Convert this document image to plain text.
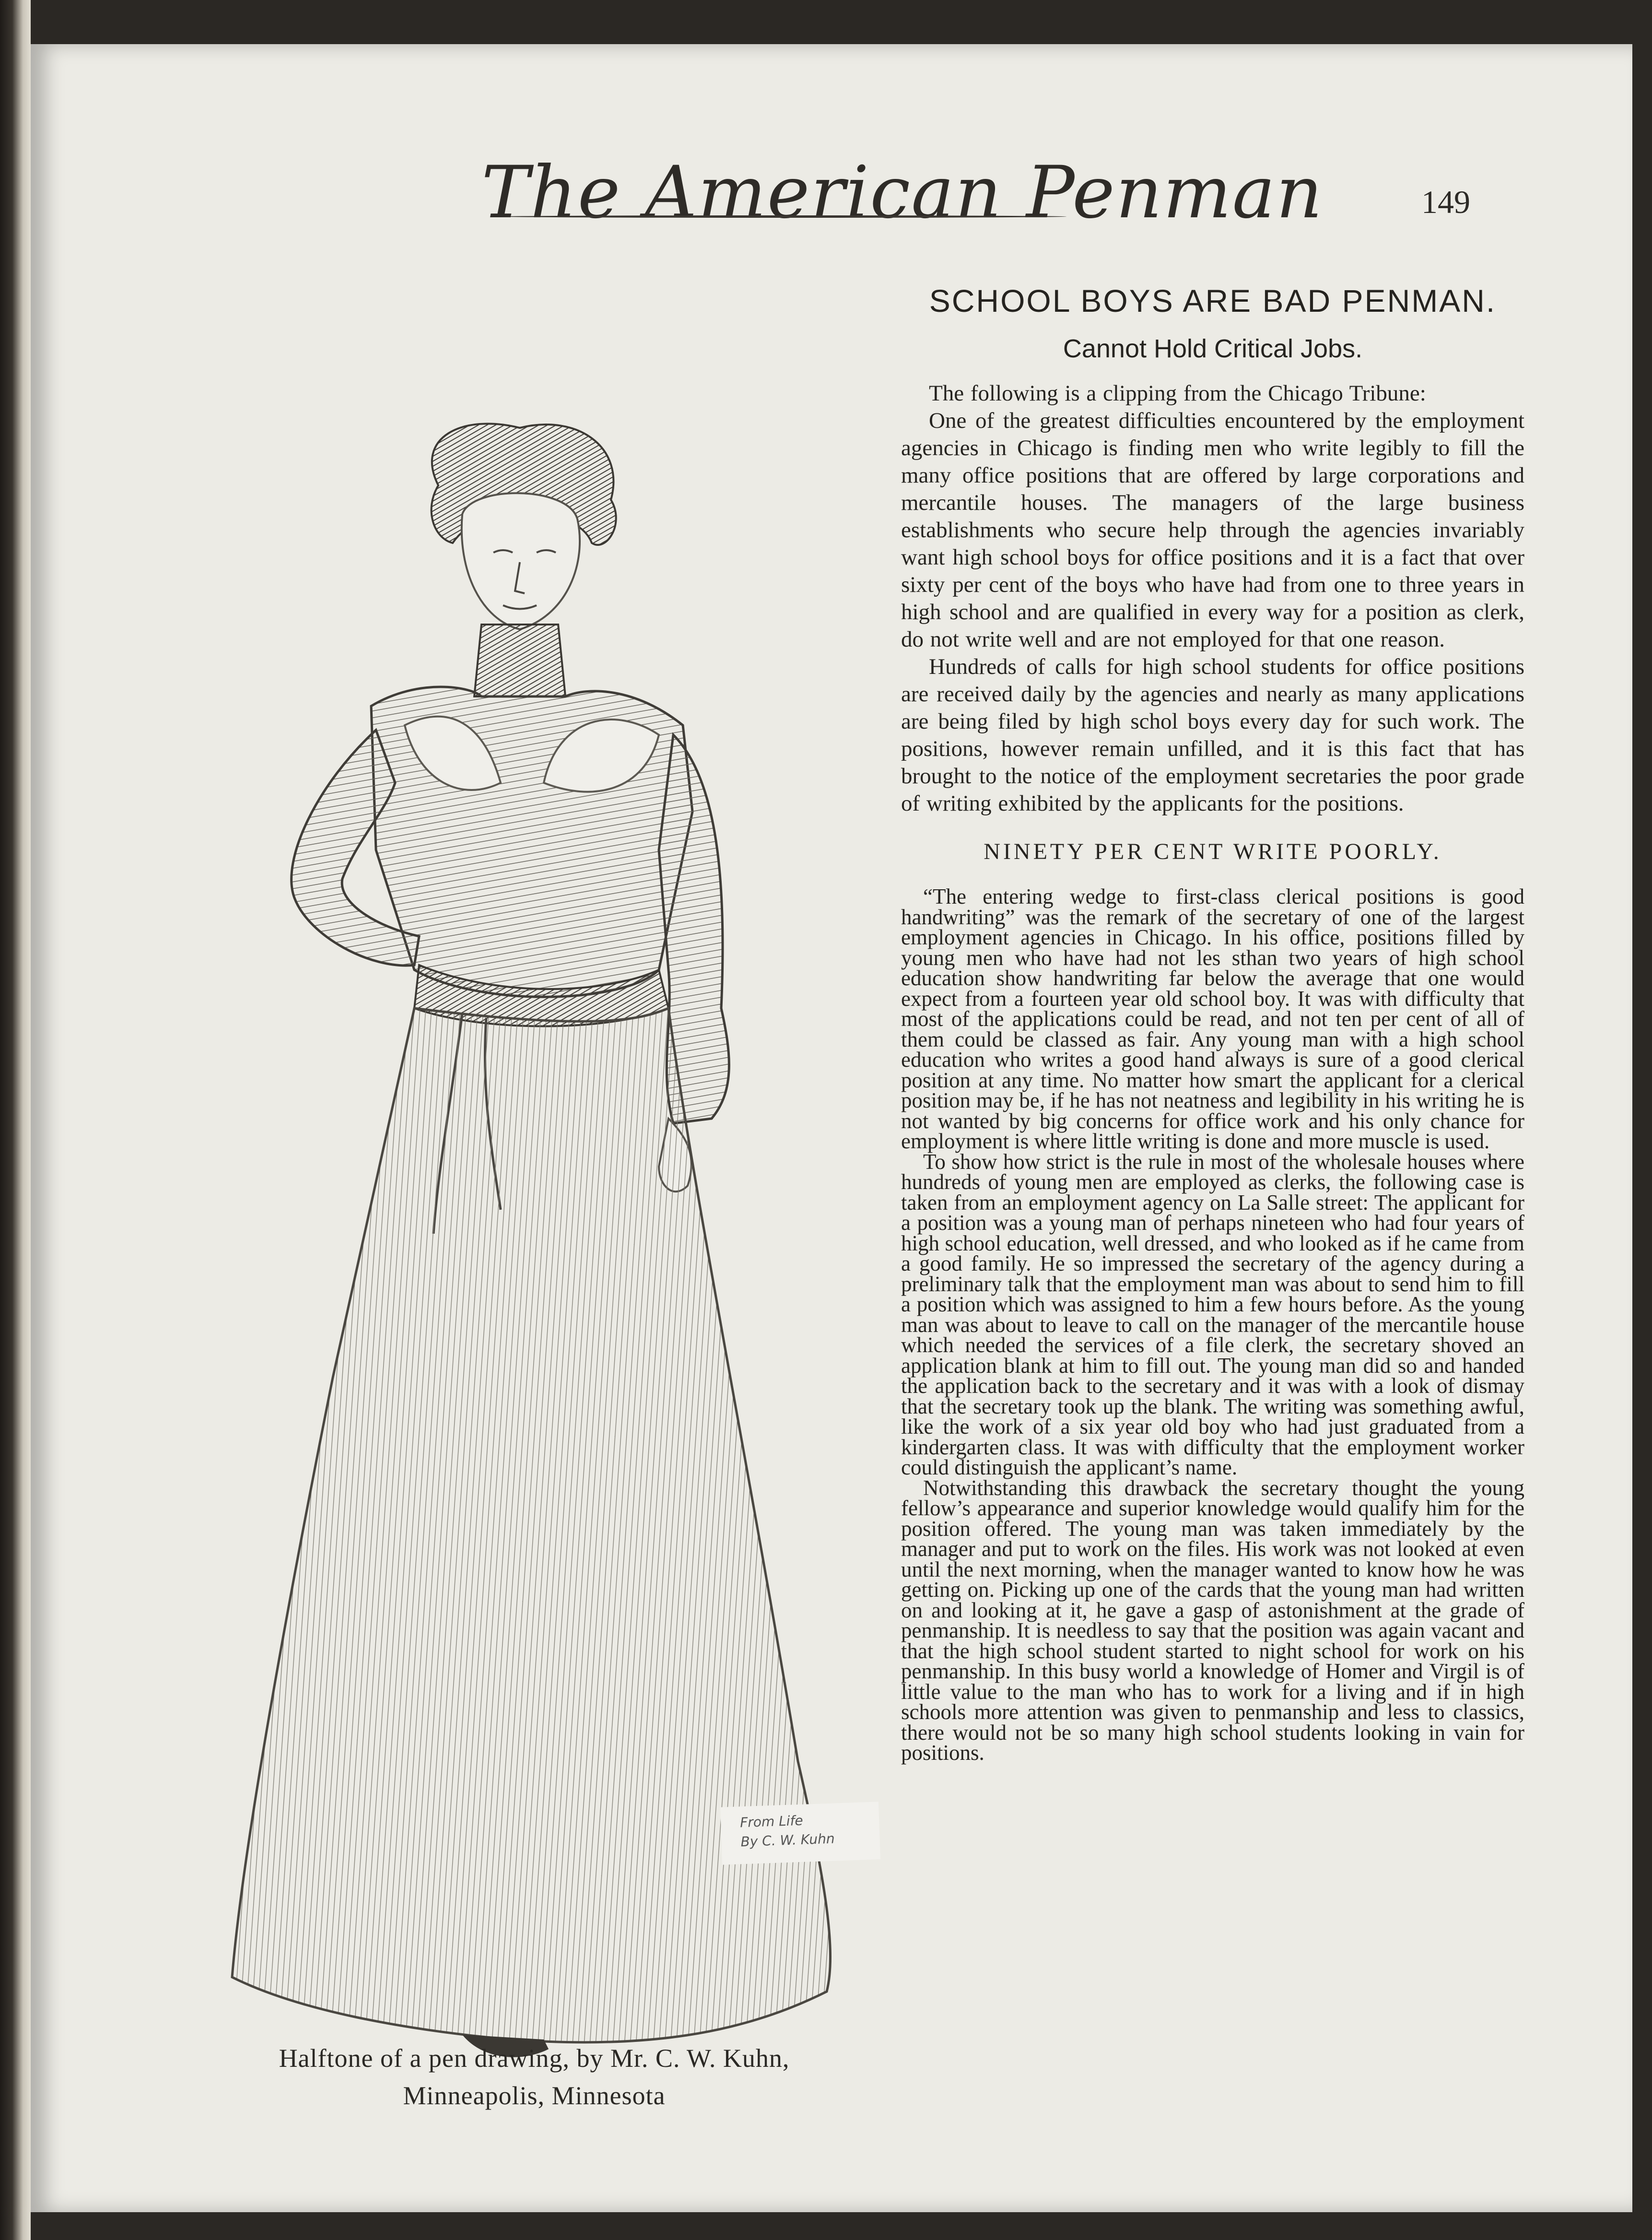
The American Penman	149
From Life
By C. W. Kuhn
Halftone of a pen drawing, by Mr. C. W. Kuhn,
Minneapolis, Minnesota
SCHOOL BOYS ARE BAD PENMAN.
Cannot Hold Critical Jobs.

The following is a clipping from the Chicago Tribune:

One of the greatest difficulties encountered by the employment agencies in Chicago is finding men who write legibly to fill the many office positions that are offered by large corporations and mercantile houses. The managers of the large business establishments who secure help through the agencies invariably want high school boys for office positions and it is a fact that over sixty per cent of the boys who have had from one to three years in high school and are qualified in every way for a position as clerk, do not write well and are not employed for that one reason.

Hundreds of calls for high school students for office positions are received daily by the agencies and nearly as many applications are being filed by high schol boys every day for such work. The positions, however remain unfilled, and it is this fact that has brought to the notice of the employment secretaries the poor grade of writing exhibited by the applicants for the positions.

NINETY PER CENT WRITE POORLY.

“The entering wedge to first-class clerical positions is good handwriting” was the remark of the secretary of one of the largest employment agencies in Chicago. In his office, positions filled by young men who have had not les sthan two years of high school education show handwriting far below the average that one would expect from a fourteen year old school boy. It was with difficulty that most of the applications could be read, and not ten per cent of all of them could be classed as fair. Any young man with a high school education who writes a good hand always is sure of a good clerical position at any time. No matter how smart the applicant for a clerical position may be, if he has not neatness and legibility in his writing he is not wanted by big concerns for office work and his only chance for employment is where little writing is done and more muscle is used.

To show how strict is the rule in most of the wholesale houses where hundreds of young men are employed as clerks, the following case is taken from an employment agency on La Salle street: The applicant for a position was a young man of perhaps nineteen who had four years of high school education, well dressed, and who looked as if he came from a good family. He so impressed the secretary of the agency during a preliminary talk that the employment man was about to send him to fill a position which was assigned to him a few hours before. As the young man was about to leave to call on the manager of the mercantile house which needed the services of a file clerk, the secretary shoved an application blank at him to fill out. The young man did so and handed the application back to the secretary and it was with a look of dismay that the secretary took up the blank. The writing was something awful, like the work of a six year old boy who had just graduated from a kindergarten class. It was with difficulty that the employment worker could distinguish the applicant’s name.

Notwithstanding this drawback the secretary thought the young fellow’s appearance and superior knowledge would qualify him for the position offered. The young man was taken immediately by the manager and put to work on the files. His work was not looked at even until the next morning, when the manager wanted to know how he was getting on. Picking up one of the cards that the young man had written on and looking at it, he gave a gasp of astonishment at the grade of penmanship. It is needless to say that the position was again vacant and that the high school student started to night school for work on his penmanship. In this busy world a knowledge of Homer and Virgil is of little value to the man who has to work for a living and if in high schools more attention was given to penmanship and less to classics, there would not be so many high school students looking in vain for positions.
